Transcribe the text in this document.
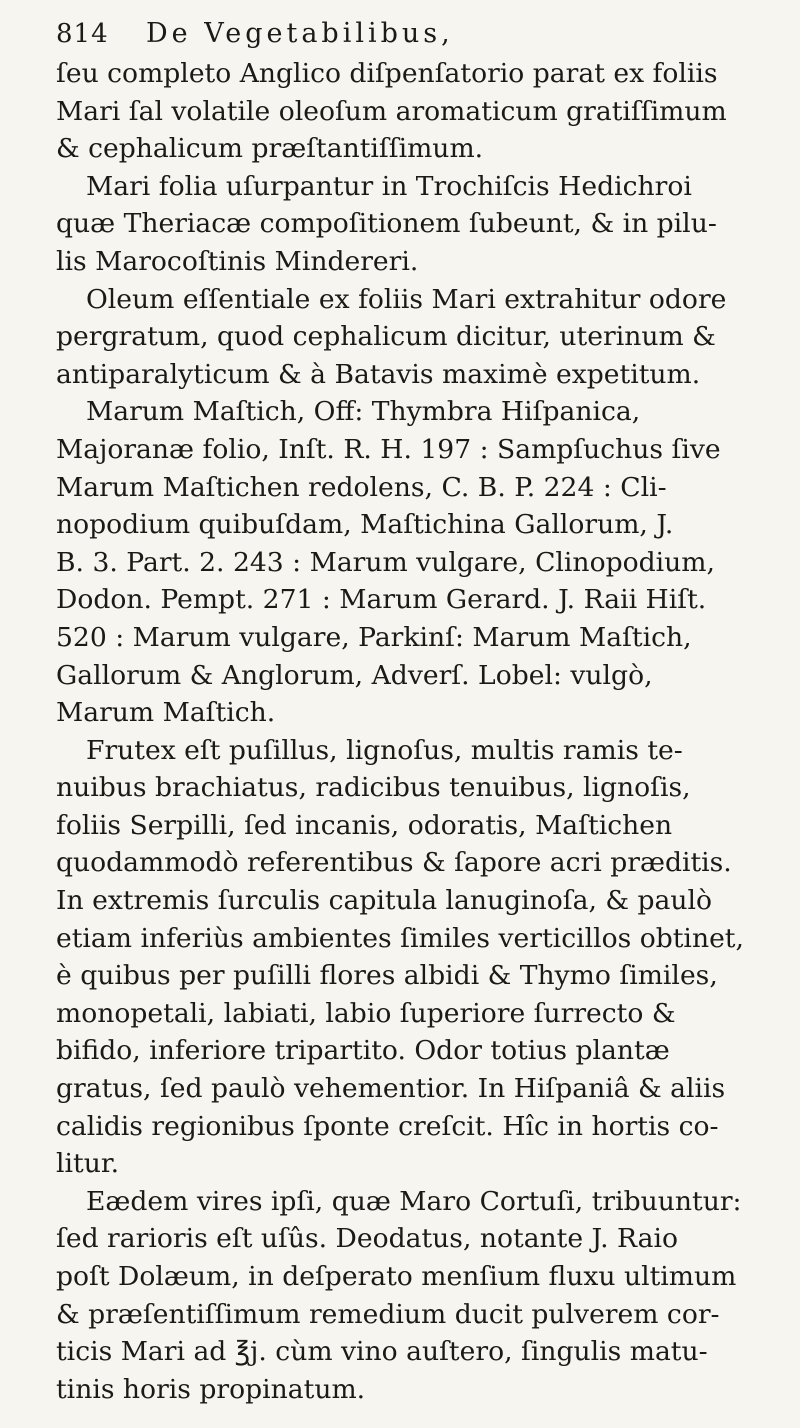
814	De Vegetabilibus,

ſeu completo Anglico diſpenſatorio parat ex foliis
Mari ſal volatile oleoſum aromaticum gratiſſimum
& cephalicum præſtantiſſimum.

Mari folia uſurpantur in Trochiſcis Hedichroi
quæ Theriacæ compoſitionem ſubeunt, & in pilu-
lis Marocoſtinis Mindereri.

Oleum eſſentiale ex foliis Mari extrahitur odore
pergratum, quod cephalicum dicitur, uterinum &
antiparalyticum & à Batavis maximè expetitum.

Marum Maſtich, Off: Thymbra Hiſpanica,
Majoranæ folio, Inſt. R. H. 197 : Sampſuchus ſive
Marum Maſtichen redolens, C. B. P. 224 : Cli-
nopodium quibuſdam, Maſtichina Gallorum, J.
B. 3. Part. 2. 243 : Marum vulgare, Clinopodium,
Dodon. Pempt. 271 : Marum Gerard. J. Raii Hiſt.
520 : Marum vulgare, Parkinſ: Marum Maſtich,
Gallorum & Anglorum, Adverſ. Lobel: vulgò,
Marum Maſtich.

Frutex eſt puſillus, lignoſus, multis ramis te-
nuibus brachiatus, radicibus tenuibus, lignoſis,
foliis Serpilli, ſed incanis, odoratis, Maſtichen
quodammodò referentibus & ſapore acri præditis.
In extremis ſurculis capitula lanuginoſa, & paulò
etiam inferiùs ambientes ſimiles verticillos obtinet,
è quibus per puſilli flores albidi & Thymo ſimiles,
monopetali, labiati, labio ſuperiore ſurrecto &
bifido, inferiore tripartito. Odor totius plantæ
gratus, ſed paulò vehementior. In Hiſpaniâ & aliis
calidis regionibus ſponte creſcit. Hîc in hortis co-
litur.

Eædem vires ipſi, quæ Maro Cortuſi, tribuuntur:
ſed rarioris eſt uſûs. Deodatus, notante J. Raio
poſt Dolæum, in deſperato menſium fluxu ultimum
& præſentiſſimum remedium ducit pulverem cor-
ticis Mari ad ℥j. cùm vino auſtero, ſingulis matu-
tinis horis propinatum.
